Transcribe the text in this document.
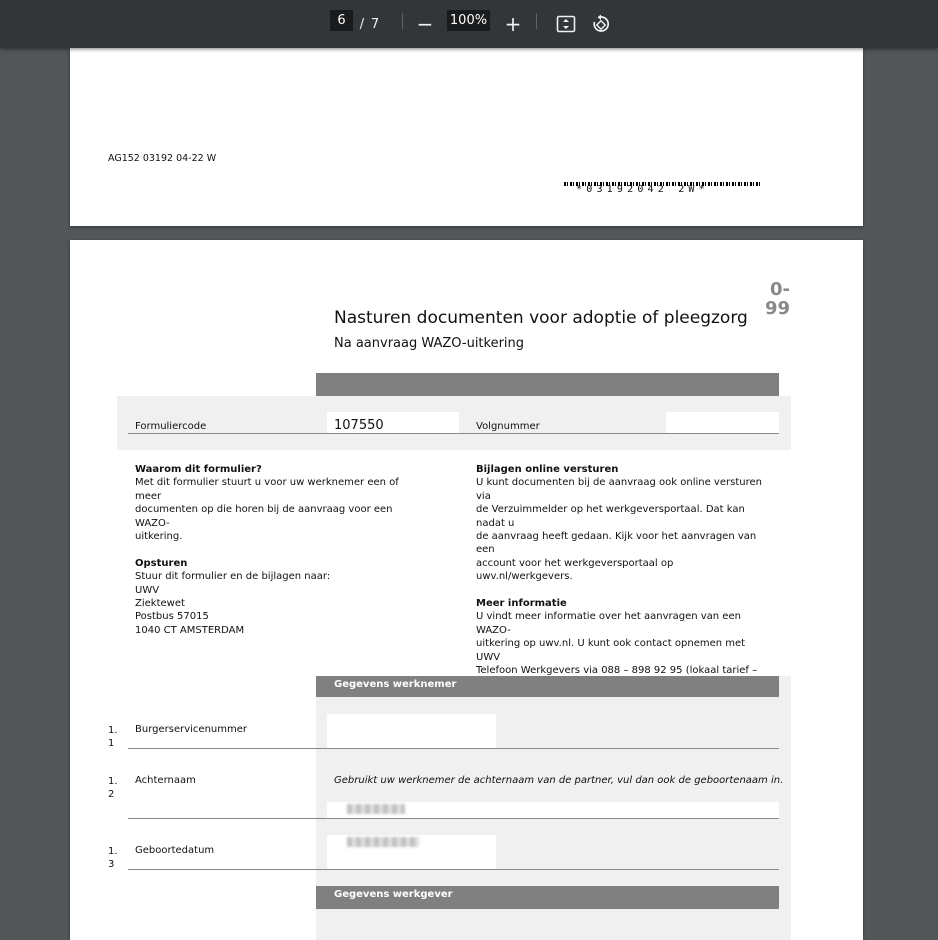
6	/ 7 − 100% +
AG152 03192 04-22 W
*03192042 2W*
0-
99
Nasturen documenten voor adoptie of pleegzorg
Na aanvraag WAZO-uitkering
Formuliercode	107550	Volgnummer
Waarom dit formulier?
Met dit formulier stuurt u voor uw werknemer een of meer
documenten op die horen bij de aanvraag voor een WAZO-
uitkering.

Opsturen
Stuur dit formulier en de bijlagen naar:
UWV
Ziektewet
Postbus 57015
1040 CT AMSTERDAM
Bijlagen online versturen
U kunt documenten bij de aanvraag ook online versturen via
de Verzuimmelder op het werkgeversportaal. Dat kan nadat u
de aanvraag heeft gedaan. Kijk voor het aanvragen van een
account voor het werkgeversportaal op uwv.nl/werkgevers.

Meer informatie
U vindt meer informatie over het aanvragen van een WAZO-
uitkering op uwv.nl. U kunt ook contact opnemen met UWV
Telefoon Werkgevers via 088 – 898 92 95 (lokaal tarief –
Gegevens werknemer
1.
1
Burgerservicenummer
1.
2
Achternaam	Gebruikt uw werknemer de achternaam van de partner, vul dan ook de geboortenaam in.
1.
3
Geboortedatum
Gegevens werkgever
